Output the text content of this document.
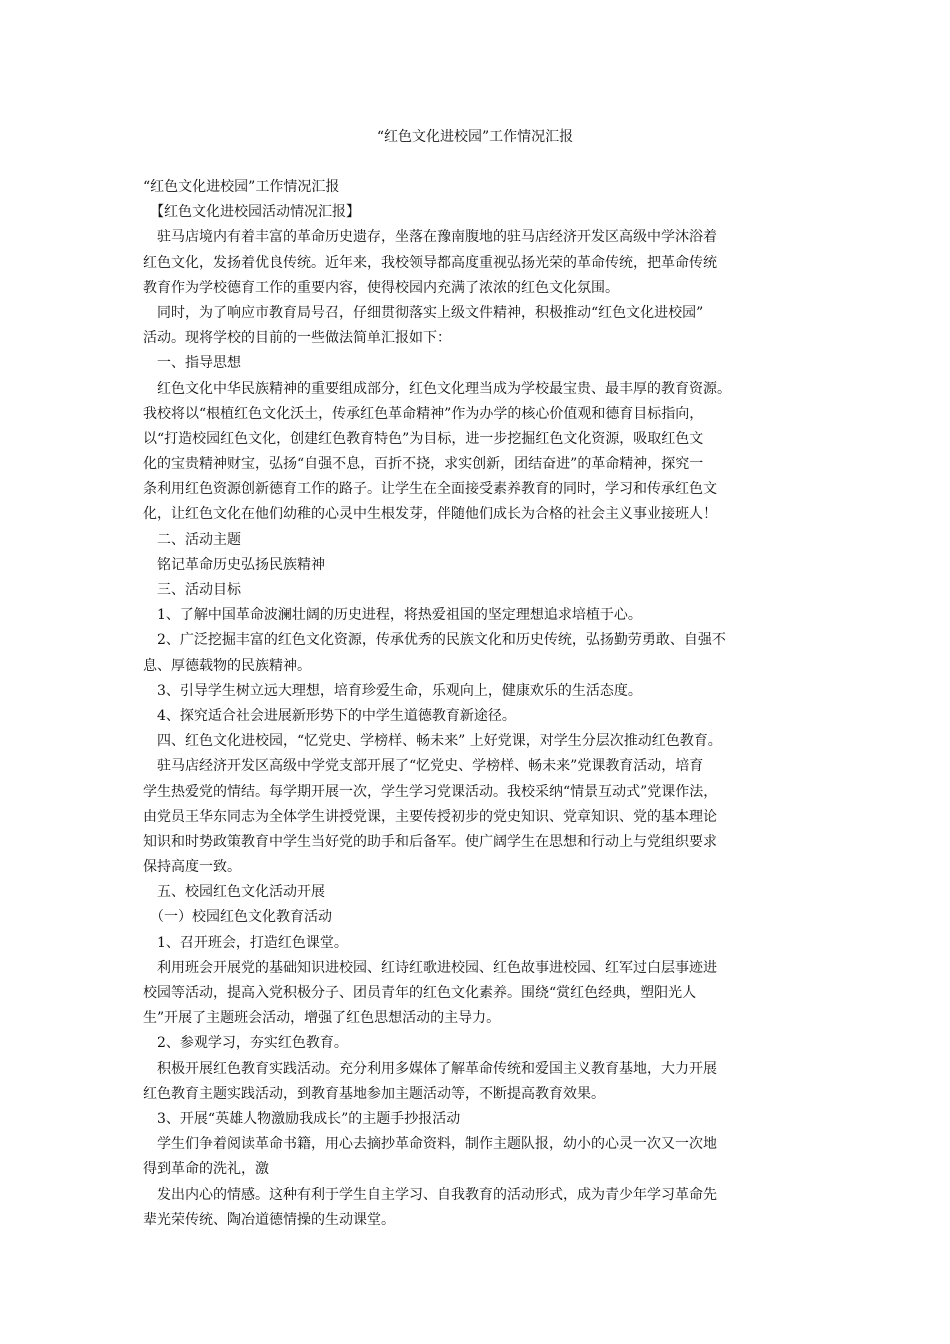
“红色文化进校园”工作情况汇报
“红色文化进校园”工作情况汇报
　【红色文化进校园活动情况汇报】
　驻马店境内有着丰富的革命历史遗存，坐落在豫南腹地的驻马店经济开发区高级中学沐浴着
红色文化，发扬着优良传统。近年来，我校领导都高度重视弘扬光荣的革命传统，把革命传统
教育作为学校德育工作的重要内容，使得校园内充满了浓浓的红色文化氛围。
　同时，为了响应市教育局号召，仔细贯彻落实上级文件精神，积极推动“红色文化进校园”
活动。现将学校的目前的一些做法简单汇报如下：
　一、指导思想
　红色文化中华民族精神的重要组成部分，红色文化理当成为学校最宝贵、最丰厚的教育资源。
我校将以“根植红色文化沃土，传承红色革命精神”作为办学的核心价值观和德育目标指向，
以“打造校园红色文化，创建红色教育特色”为目标，进一步挖掘红色文化资源，吸取红色文
化的宝贵精神财宝，弘扬“自强不息，百折不挠，求实创新，团结奋进”的革命精神，探究一
条利用红色资源创新德育工作的路子。让学生在全面接受素养教育的同时，学习和传承红色文
化，让红色文化在他们幼稚的心灵中生根发芽，伴随他们成长为合格的社会主义事业接班人！
　二、活动主题
　铭记革命历史弘扬民族精神
　三、活动目标
　1、了解中国革命波澜壮阔的历史进程，将热爱祖国的坚定理想追求培植于心。
　2、广泛挖掘丰富的红色文化资源，传承优秀的民族文化和历史传统，弘扬勤劳勇敢、自强不
息、厚德载物的民族精神。
　3、引导学生树立远大理想，培育珍爱生命，乐观向上，健康欢乐的生活态度。
　4、探究适合社会进展新形势下的中学生道德教育新途径。
　四、红色文化进校园，“忆党史、学榜样、畅未来” 上好党课，对学生分层次推动红色教育。
　驻马店经济开发区高级中学党支部开展了“忆党史、学榜样、畅未来”党课教育活动，培育
学生热爱党的情结。每学期开展一次，学生学习党课活动。我校采纳“情景互动式”党课作法，
由党员王华东同志为全体学生讲授党课，主要传授初步的党史知识、党章知识、党的基本理论
知识和时势政策教育中学生当好党的助手和后备军。使广阔学生在思想和行动上与党组织要求
保持高度一致。
　五、校园红色文化活动开展
　（一）校园红色文化教育活动
　1、召开班会，打造红色课堂。
　利用班会开展党的基础知识进校园、红诗红歌进校园、红色故事进校园、红军过白层事迹进
校园等活动，提高入党积极分子、团员青年的红色文化素养。围绕“赏红色经典，塑阳光人
生”开展了主题班会活动，增强了红色思想活动的主导力。
　2、参观学习，夯实红色教育。
　积极开展红色教育实践活动。充分利用多媒体了解革命传统和爱国主义教育基地，大力开展
红色教育主题实践活动，到教育基地参加主题活动等，不断提高教育效果。
　3、开展“英雄人物激励我成长”的主题手抄报活动
　学生们争着阅读革命书籍，用心去摘抄革命资料，制作主题队报，幼小的心灵一次又一次地
得到革命的洗礼，激
　发出内心的情感。这种有利于学生自主学习、自我教育的活动形式，成为青少年学习革命先
辈光荣传统、陶冶道德情操的生动课堂。
